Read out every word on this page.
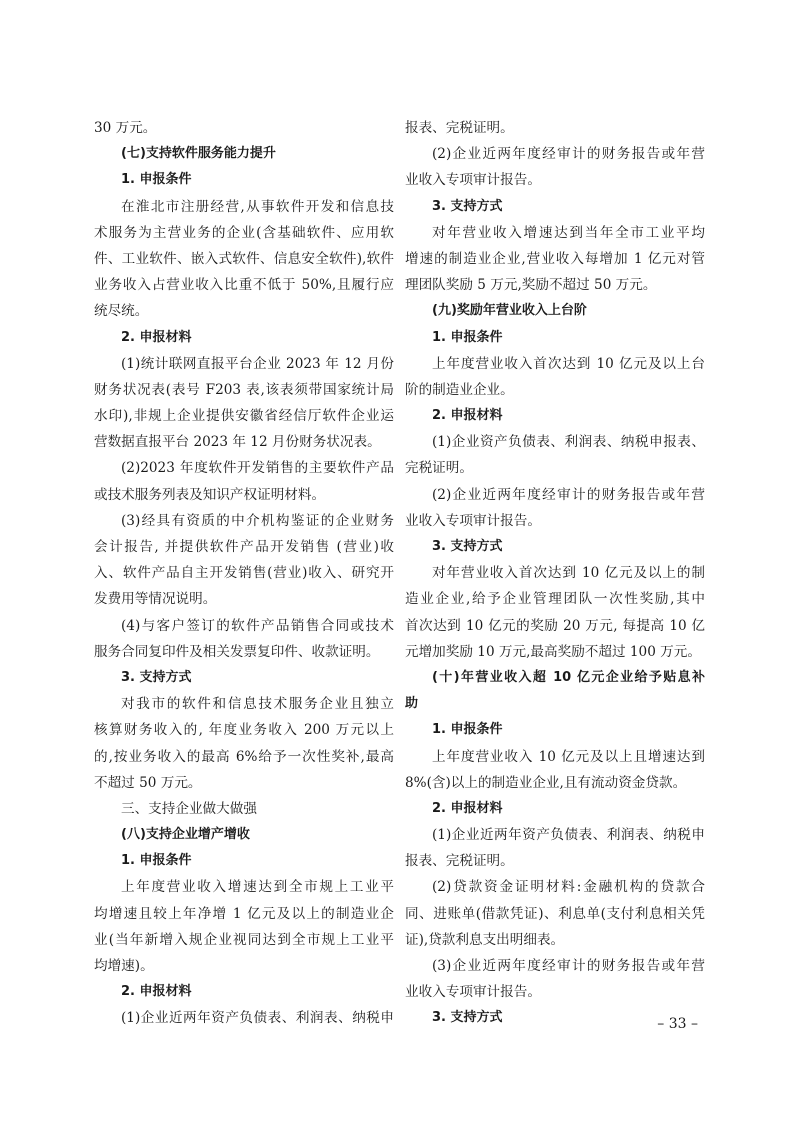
30 万元。
(七)支持软件服务能力提升
1. 申报条件
在淮北市注册经营,从事软件开发和信息技
术服务为主营业务的企业(含基础软件、应用软
件、工业软件、嵌入式软件、信息安全软件),软件
业务收入占营业收入比重不低于 50%,且履行应
统尽统。
2. 申报材料
(1)统计联网直报平台企业 2023 年 12 月份
财务状况表(表号 F203 表,该表须带国家统计局
水印),非规上企业提供安徽省经信厅软件企业运
营数据直报平台 2023 年 12 月份财务状况表。
(2)2023 年度软件开发销售的主要软件产品
或技术服务列表及知识产权证明材料。
(3)经具有资质的中介机构鉴证的企业财务
会计报告, 并提供软件产品开发销售 (营业)收
入、软件产品自主开发销售(营业)收入、研究开
发费用等情况说明。
(4)与客户签订的软件产品销售合同或技术
服务合同复印件及相关发票复印件、收款证明。
3. 支持方式
对我市的软件和信息技术服务企业且独立
核算财务收入的, 年度业务收入 200 万元以上
的,按业务收入的最高 6%给予一次性奖补,最高
不超过 50 万元。
三、支持企业做大做强
(八)支持企业增产增收
1. 申报条件
上年度营业收入增速达到全市规上工业平
均增速且较上年净增 1 亿元及以上的制造业企
业(当年新增入规企业视同达到全市规上工业平
均增速)。
2. 申报材料
(1)企业近两年资产负债表、利润表、纳税申
报表、完税证明。
(2)企业近两年度经审计的财务报告或年营
业收入专项审计报告。
3. 支持方式
对年营业收入增速达到当年全市工业平均
增速的制造业企业,营业收入每增加 1 亿元对管
理团队奖励 5 万元,奖励不超过 50 万元。
(九)奖励年营业收入上台阶
1. 申报条件
上年度营业收入首次达到 10 亿元及以上台
阶的制造业企业。
2. 申报材料
(1)企业资产负债表、利润表、纳税申报表、
完税证明。
(2)企业近两年度经审计的财务报告或年营
业收入专项审计报告。
3. 支持方式
对年营业收入首次达到 10 亿元及以上的制
造业企业,给予企业管理团队一次性奖励,其中
首次达到 10 亿元的奖励 20 万元, 每提高 10 亿
元增加奖励 10 万元,最高奖励不超过 100 万元。
(十)年营业收入超 10 亿元企业给予贴息补
助
1. 申报条件
上年度营业收入 10 亿元及以上且增速达到
8%(含)以上的制造业企业,且有流动资金贷款。
2. 申报材料
(1)企业近两年资产负债表、利润表、纳税申
报表、完税证明。
(2)贷款资金证明材料:金融机构的贷款合
同、进账单(借款凭证)、利息单(支付利息相关凭
证),贷款利息支出明细表。
(3)企业近两年度经审计的财务报告或年营
业收入专项审计报告。
3. 支持方式	– 33 –
